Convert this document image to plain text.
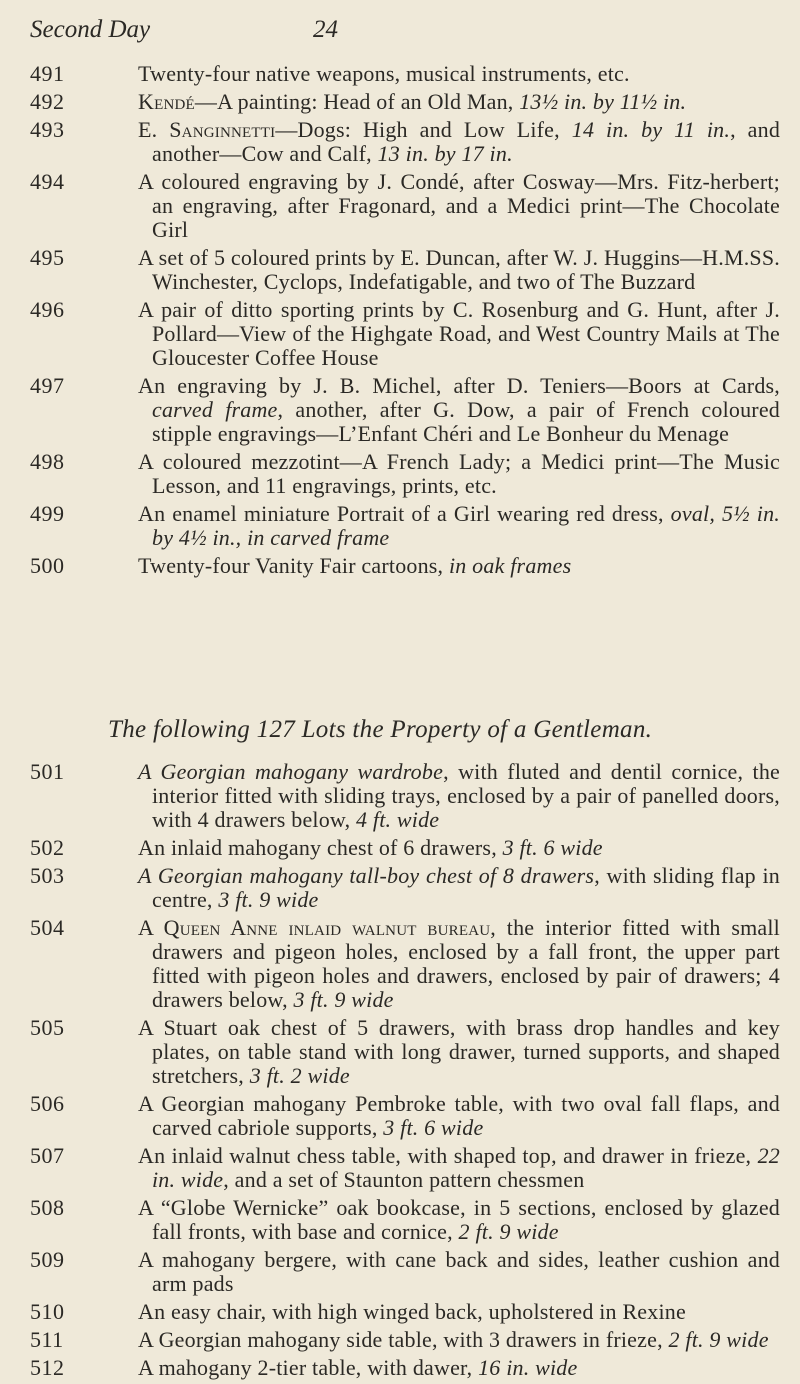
Second Day	24
491	Twenty-four native weapons, musical instruments, etc.
492	Kendé—A painting: Head of an Old Man, 13½ in. by 11½ in.
493	E. Sanginnetti—Dogs: High and Low Life, 14 in. by 11 in., and another—Cow and Calf, 13 in. by 17 in.
494	A coloured engraving by J. Condé, after Cosway—Mrs. Fitz-herbert; an engraving, after Fragonard, and a Medici print—The Chocolate Girl
495	A set of 5 coloured prints by E. Duncan, after W. J. Huggins—H.M.SS. Winchester, Cyclops, Indefatigable, and two of The Buzzard
496	A pair of ditto sporting prints by C. Rosenburg and G. Hunt, after J. Pollard—View of the Highgate Road, and West Country Mails at The Gloucester Coffee House
497	An engraving by J. B. Michel, after D. Teniers—Boors at Cards, carved frame, another, after G. Dow, a pair of French coloured stipple engravings—L’Enfant Chéri and Le Bonheur du Menage
498	A coloured mezzotint—A French Lady; a Medici print—The Music Lesson, and 11 engravings, prints, etc.
499	An enamel miniature Portrait of a Girl wearing red dress, oval, 5½ in. by 4½ in., in carved frame
500	Twenty-four Vanity Fair cartoons, in oak frames
The following 127 Lots the Property of a Gentleman.
501	A Georgian mahogany wardrobe, with fluted and dentil cornice, the interior fitted with sliding trays, enclosed by a pair of panelled doors, with 4 drawers below, 4 ft. wide
502	An inlaid mahogany chest of 6 drawers, 3 ft. 6 wide
503	A Georgian mahogany tall-boy chest of 8 drawers, with sliding flap in centre, 3 ft. 9 wide
504	A Queen Anne inlaid walnut bureau, the interior fitted with small drawers and pigeon holes, enclosed by a fall front, the upper part fitted with pigeon holes and drawers, enclosed by pair of drawers; 4 drawers below, 3 ft. 9 wide
505	A Stuart oak chest of 5 drawers, with brass drop handles and key plates, on table stand with long drawer, turned supports, and shaped stretchers, 3 ft. 2 wide
506	A Georgian mahogany Pembroke table, with two oval fall flaps, and carved cabriole supports, 3 ft. 6 wide
507	An inlaid walnut chess table, with shaped top, and drawer in frieze, 22 in. wide, and a set of Staunton pattern chessmen
508	A “Globe Wernicke” oak bookcase, in 5 sections, enclosed by glazed fall fronts, with base and cornice, 2 ft. 9 wide
509	A mahogany bergere, with cane back and sides, leather cushion and arm pads
510	An easy chair, with high winged back, upholstered in Rexine
511	A Georgian mahogany side table, with 3 drawers in frieze, 2 ft. 9 wide
512	A mahogany 2-tier table, with dawer, 16 in. wide
